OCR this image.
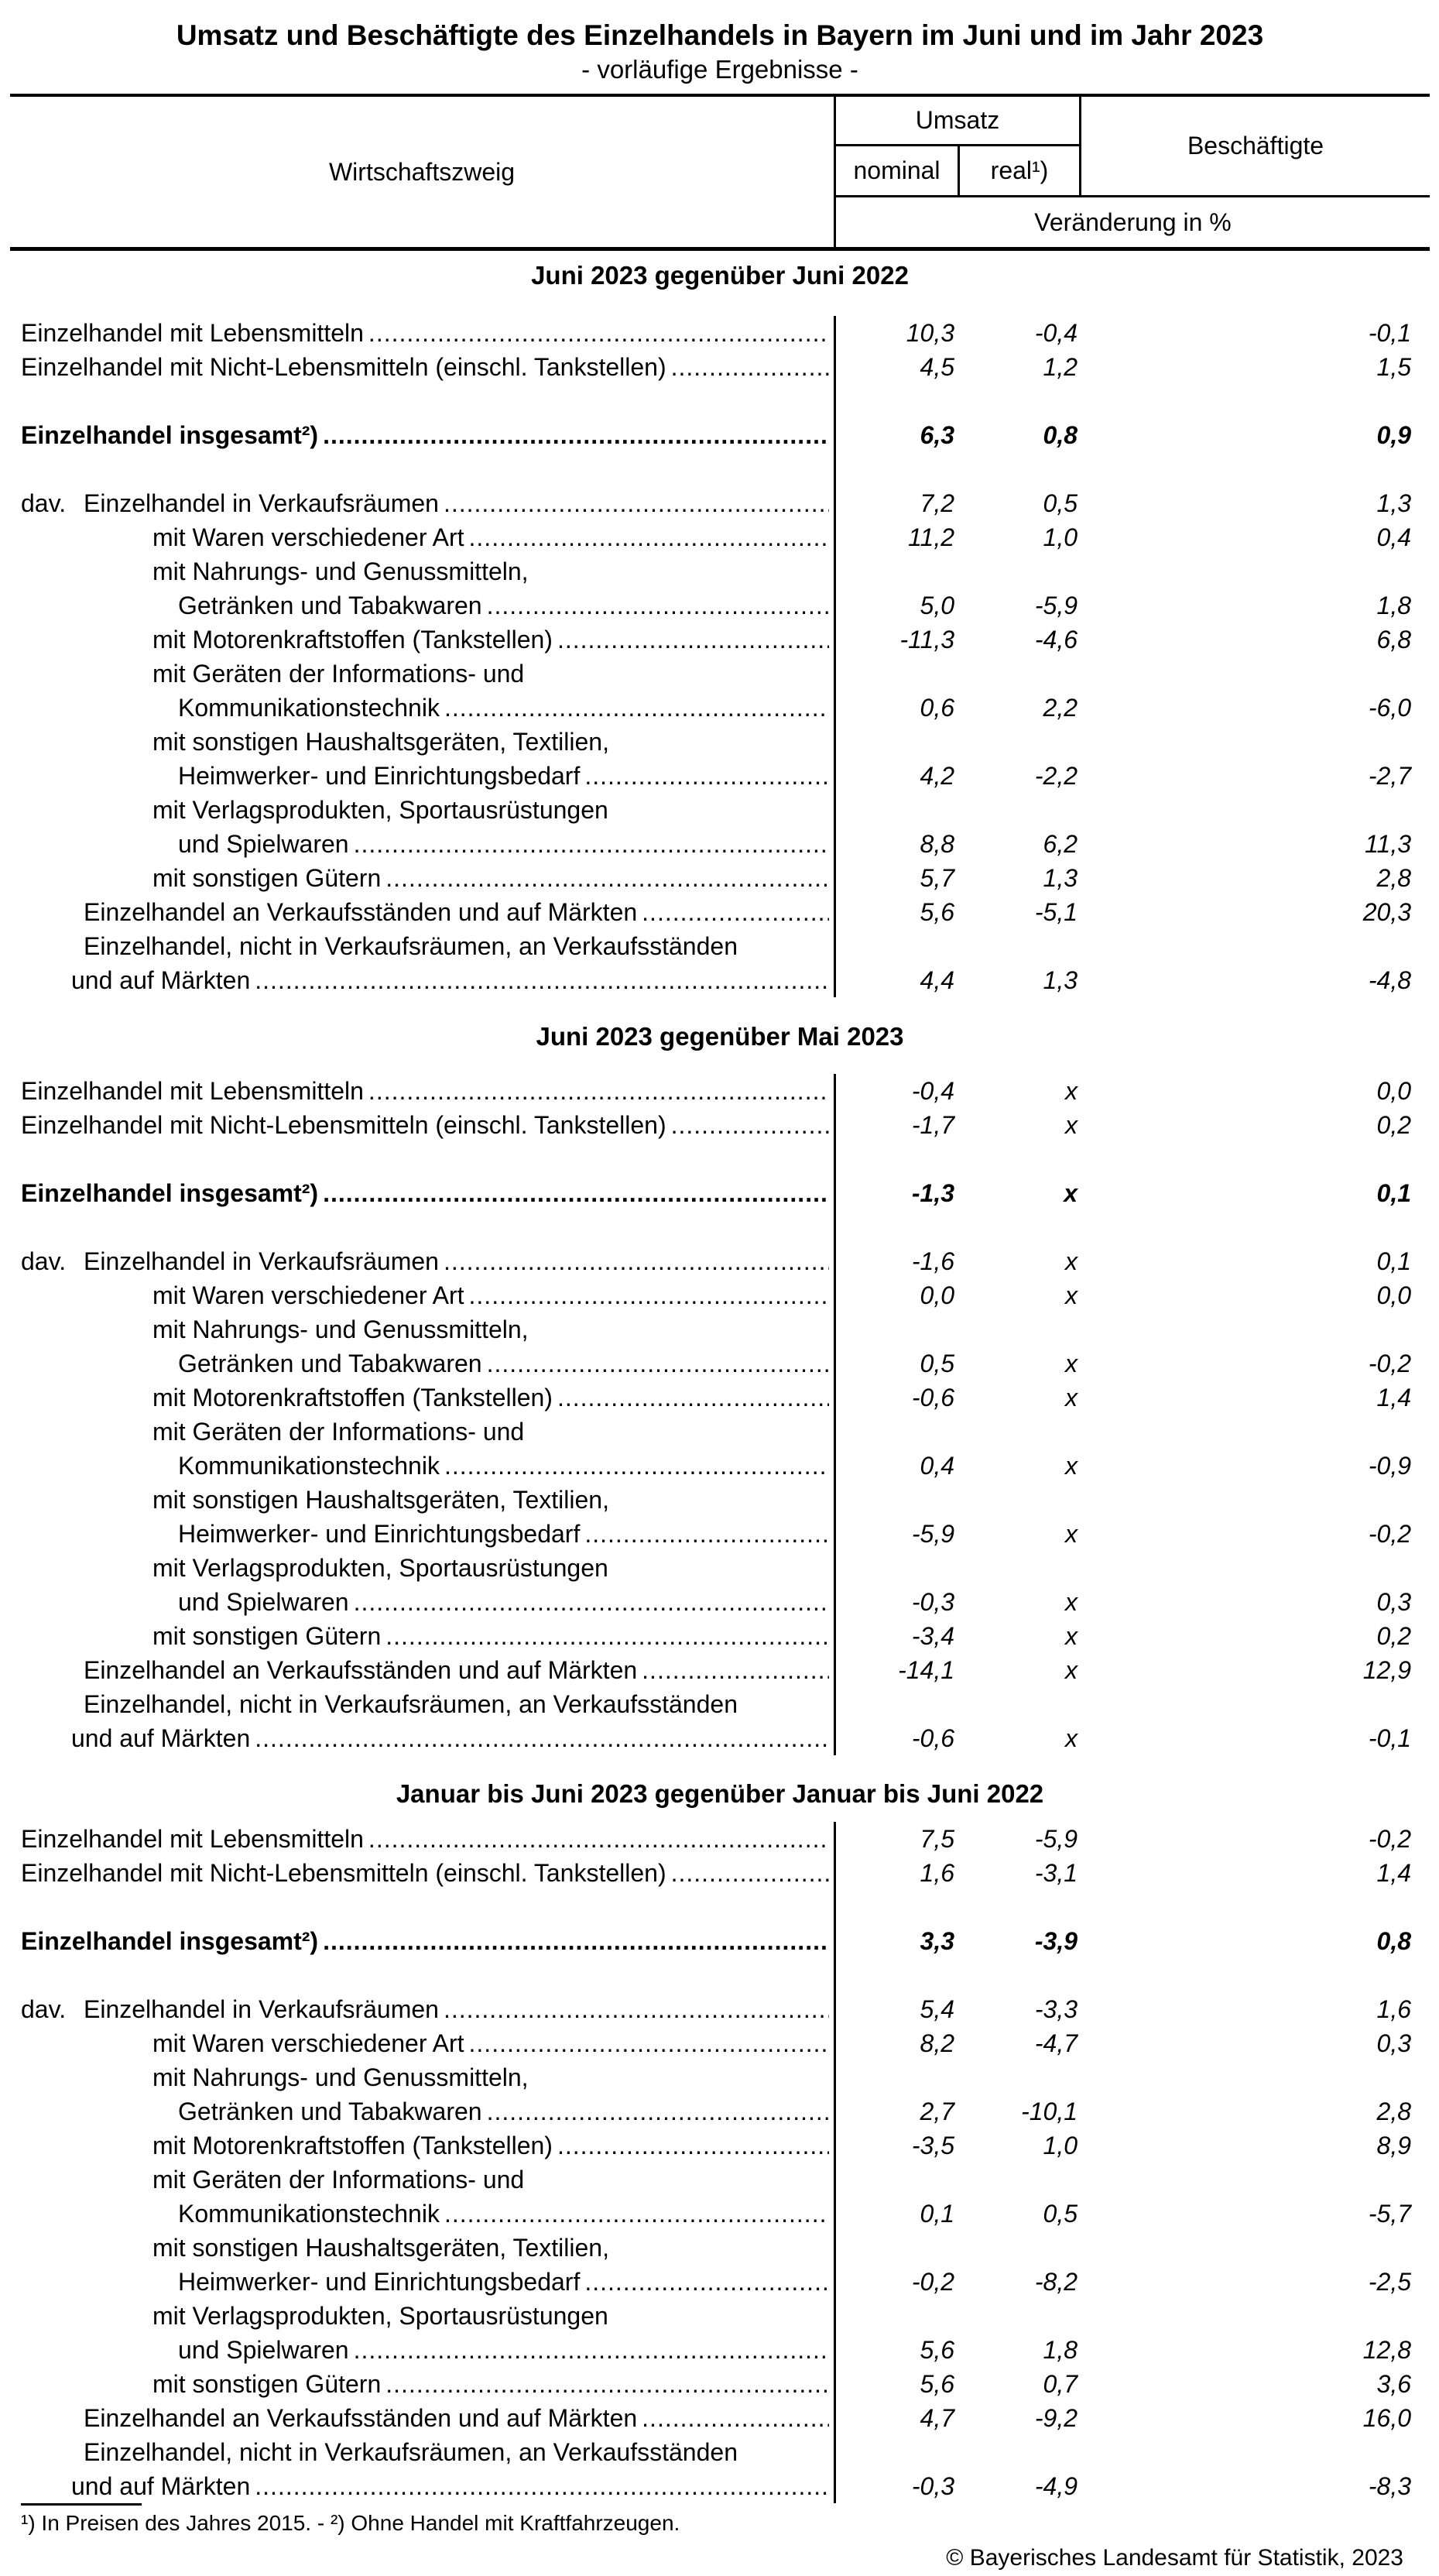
Umsatz und Beschäftigte des Einzelhandels in Bayern im Juni und im Jahr 2023
- vorläufige Ergebnisse -
Wirtschaftszweig
Umsatz
Beschäftigte
nominal	real¹)
Veränderung in %
Juni 2023 gegenüber Juni 2022
Einzelhandel mit Lebensmitteln .....	10,3	-0,4	-0,1
Einzelhandel mit Nicht-Lebensmitteln (einschl. Tankstellen) .....	4,5	1,2	1,5
Einzelhandel insgesamt²) .....	6,3	0,8	0,9
dav. Einzelhandel in Verkaufsräumen .....	7,2	0,5	1,3
mit Waren verschiedener Art .....	11,2	1,0	0,4
mit Nahrungs- und Genussmitteln,
Getränken und Tabakwaren .....	5,0	-5,9	1,8
mit Motorenkraftstoffen (Tankstellen) .....	-11,3	-4,6	6,8
mit Geräten der Informations- und
Kommunikationstechnik .....	0,6	2,2	-6,0
mit sonstigen Haushaltsgeräten, Textilien,
Heimwerker- und Einrichtungsbedarf .....	4,2	-2,2	-2,7
mit Verlagsprodukten, Sportausrüstungen
und Spielwaren .....	8,8	6,2	11,3
mit sonstigen Gütern .....	5,7	1,3	2,8
Einzelhandel an Verkaufsständen und auf Märkten .....	5,6	-5,1	20,3
Einzelhandel, nicht in Verkaufsräumen, an Verkaufsständen
und auf Märkten .....	4,4	1,3	-4,8
Juni 2023 gegenüber Mai 2023
Einzelhandel mit Lebensmitteln .....	-0,4	x	0,0
Einzelhandel mit Nicht-Lebensmitteln (einschl. Tankstellen) .....	-1,7	x	0,2
Einzelhandel insgesamt²) .....	-1,3	x	0,1
dav. Einzelhandel in Verkaufsräumen .....	-1,6	x	0,1
mit Waren verschiedener Art .....	0,0	x	0,0
mit Nahrungs- und Genussmitteln,
Getränken und Tabakwaren .....	0,5	x	-0,2
mit Motorenkraftstoffen (Tankstellen) .....	-0,6	x	1,4
mit Geräten der Informations- und
Kommunikationstechnik .....	0,4	x	-0,9
mit sonstigen Haushaltsgeräten, Textilien,
Heimwerker- und Einrichtungsbedarf .....	-5,9	x	-0,2
mit Verlagsprodukten, Sportausrüstungen
und Spielwaren .....	-0,3	x	0,3
mit sonstigen Gütern .....	-3,4	x	0,2
Einzelhandel an Verkaufsständen und auf Märkten .....	-14,1	x	12,9
Einzelhandel, nicht in Verkaufsräumen, an Verkaufsständen
und auf Märkten .....	-0,6	x	-0,1
Januar bis Juni 2023 gegenüber Januar bis Juni 2022
Einzelhandel mit Lebensmitteln .....	7,5	-5,9	-0,2
Einzelhandel mit Nicht-Lebensmitteln (einschl. Tankstellen) .....	1,6	-3,1	1,4
Einzelhandel insgesamt²) .....	3,3	-3,9	0,8
dav. Einzelhandel in Verkaufsräumen .....	5,4	-3,3	1,6
mit Waren verschiedener Art .....	8,2	-4,7	0,3
mit Nahrungs- und Genussmitteln,
Getränken und Tabakwaren .....	2,7	-10,1	2,8
mit Motorenkraftstoffen (Tankstellen) .....	-3,5	1,0	8,9
mit Geräten der Informations- und
Kommunikationstechnik .....	0,1	0,5	-5,7
mit sonstigen Haushaltsgeräten, Textilien,
Heimwerker- und Einrichtungsbedarf .....	-0,2	-8,2	-2,5
mit Verlagsprodukten, Sportausrüstungen
und Spielwaren .....	5,6	1,8	12,8
mit sonstigen Gütern .....	5,6	0,7	3,6
Einzelhandel an Verkaufsständen und auf Märkten .....	4,7	-9,2	16,0
Einzelhandel, nicht in Verkaufsräumen, an Verkaufsständen
und auf Märkten .....	-0,3	-4,9	-8,3
¹) In Preisen des Jahres 2015. - ²) Ohne Handel mit Kraftfahrzeugen.
© Bayerisches Landesamt für Statistik, 2023
